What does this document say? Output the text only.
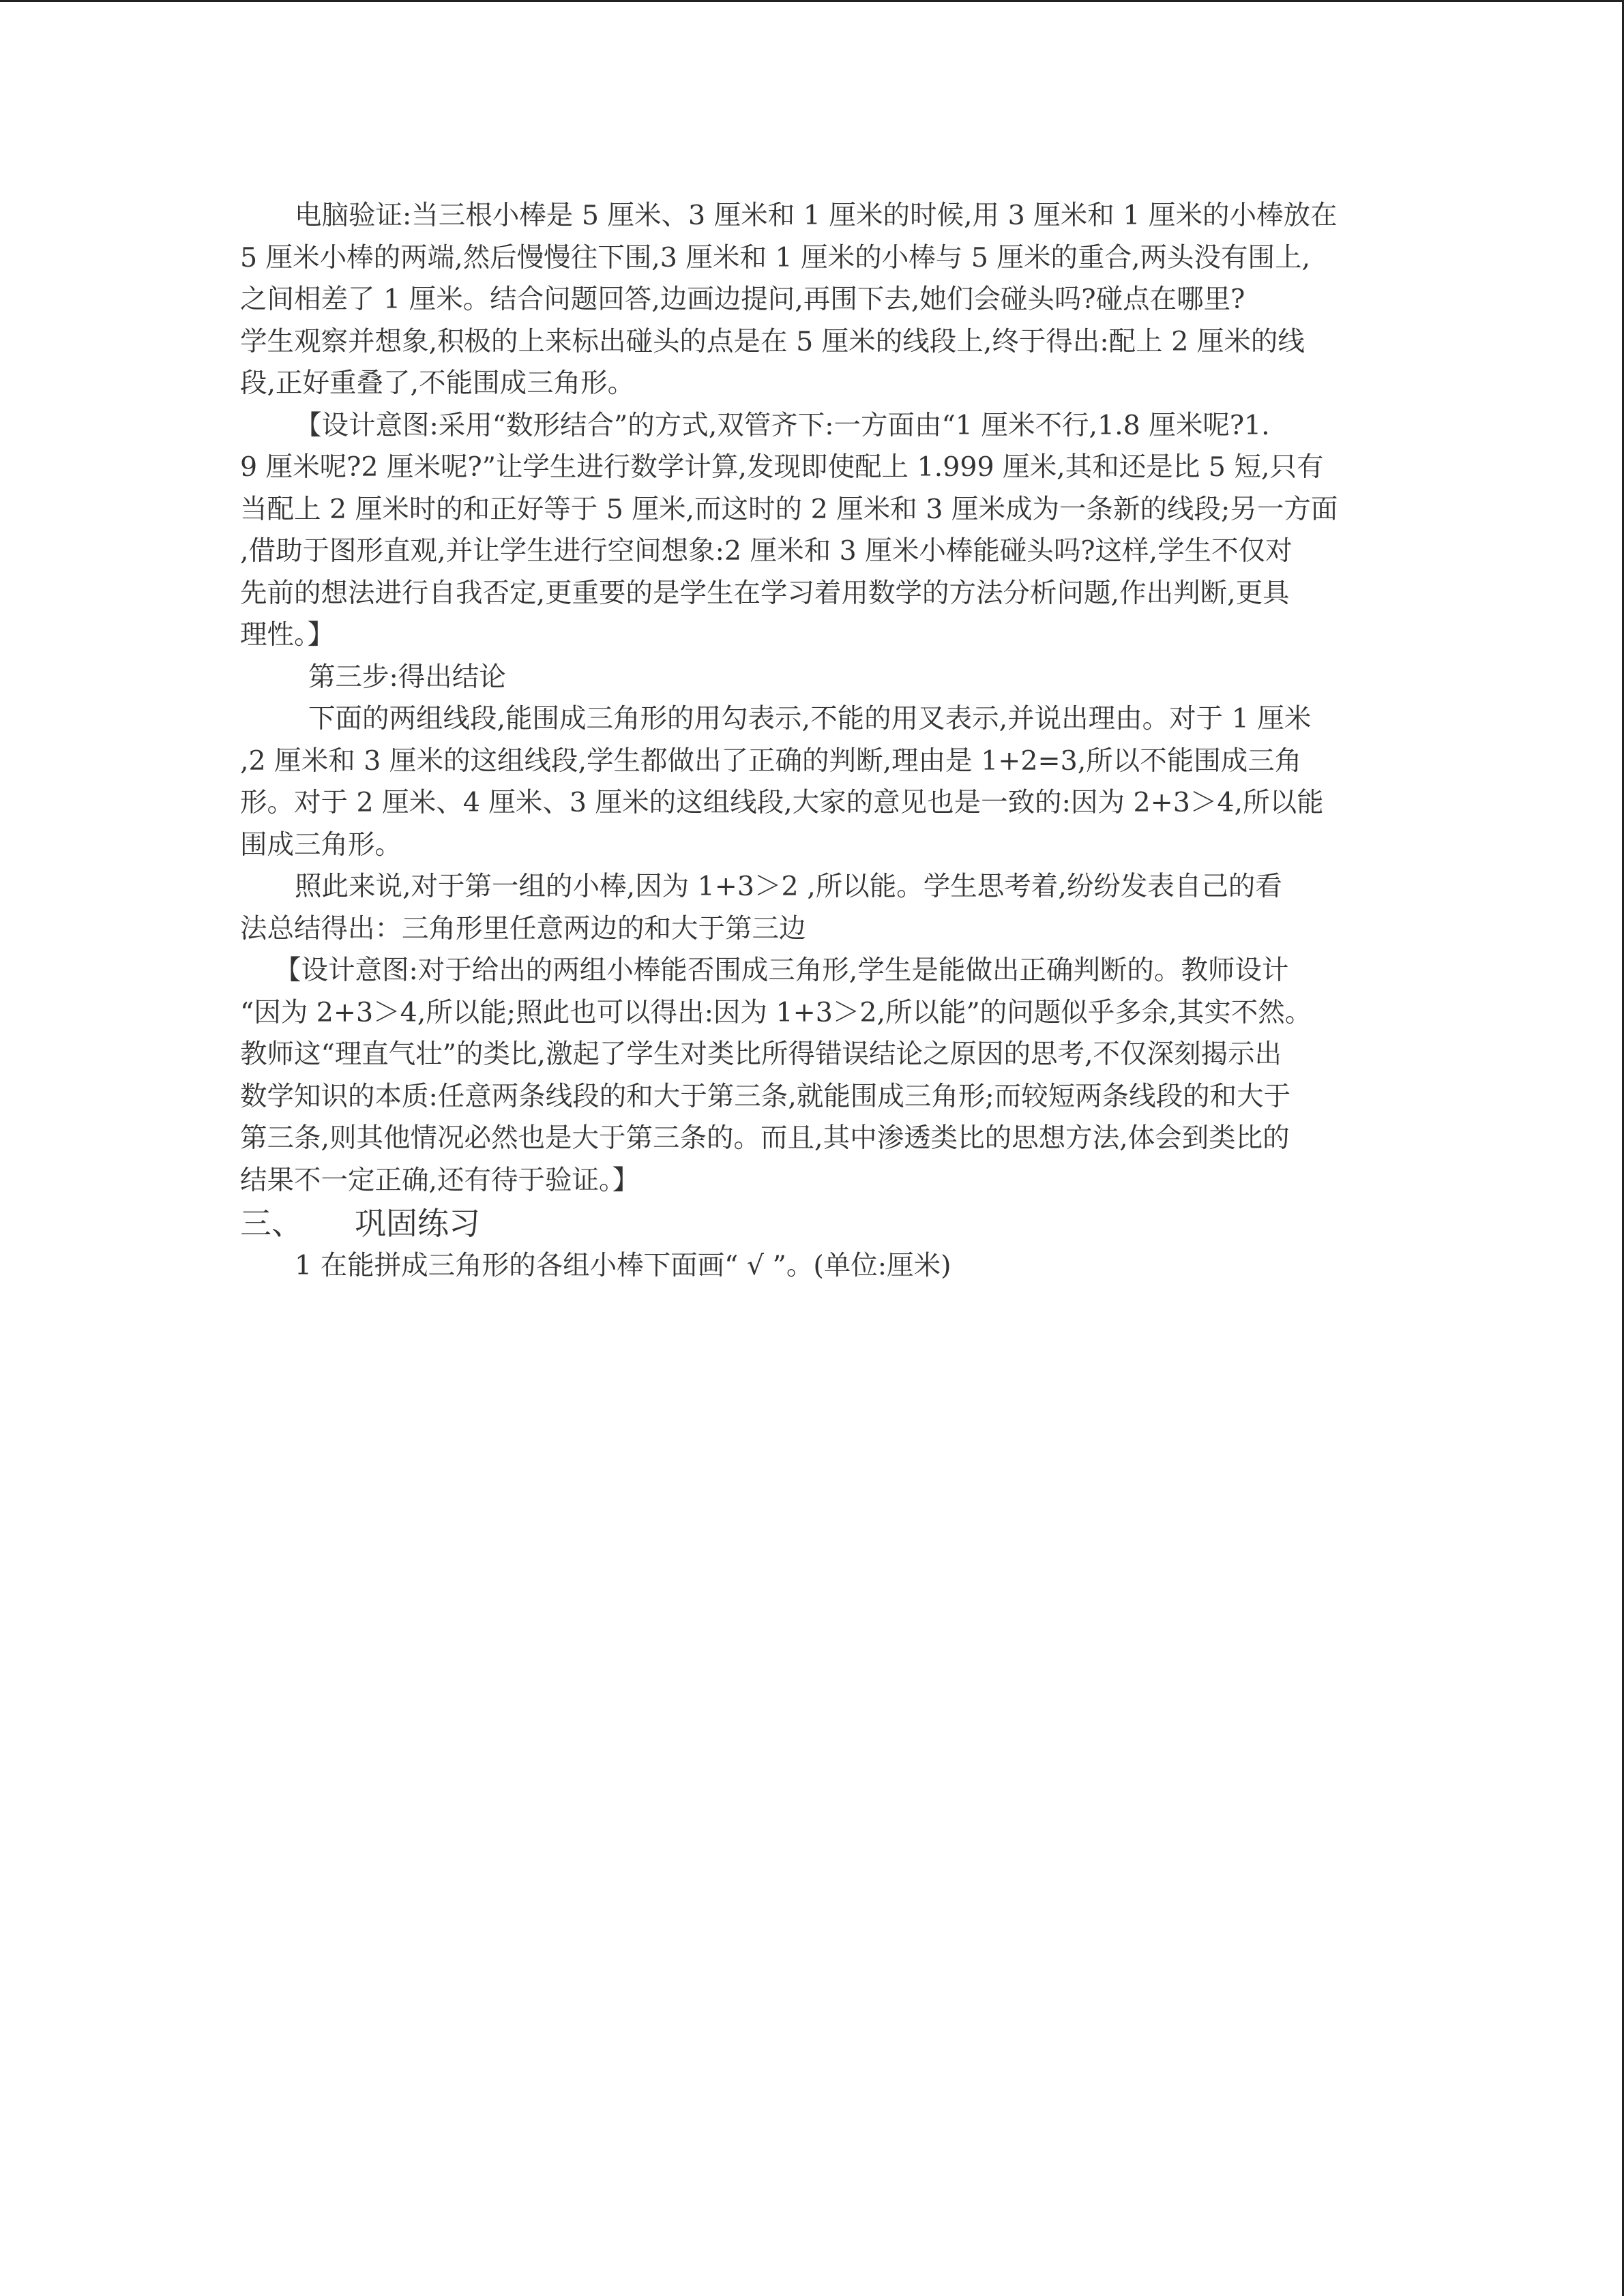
电脑验证:当三根小棒是 5 厘米、3 厘米和 1 厘米的时候,用 3 厘米和 1 厘米的小棒放在
5 厘米小棒的两端,然后慢慢往下围,3 厘米和 1 厘米的小棒与 5 厘米的重合,两头没有围上,
之间相差了 1 厘米。结合问题回答,边画边提问,再围下去,她们会碰头吗?碰点在哪里?
学生观察并想象,积极的上来标出碰头的点是在 5 厘米的线段上,终于得出:配上 2 厘米的线
段,正好重叠了,不能围成三角形。
【设计意图:采用“数形结合”的方式,双管齐下:一方面由“1 厘米不行,1.8 厘米呢?1.
9 厘米呢?2 厘米呢?”让学生进行数学计算,发现即使配上 1.999 厘米,其和还是比 5 短,只有
当配上 2 厘米时的和正好等于 5 厘米,而这时的 2 厘米和 3 厘米成为一条新的线段;另一方面
,借助于图形直观,并让学生进行空间想象:2 厘米和 3 厘米小棒能碰头吗?这样,学生不仅对
先前的想法进行自我否定,更重要的是学生在学习着用数学的方法分析问题,作出判断,更具
理性。】
第三步:得出结论
下面的两组线段,能围成三角形的用勾表示,不能的用叉表示,并说出理由。对于 1 厘米
,2 厘米和 3 厘米的这组线段,学生都做出了正确的判断,理由是 1+2=3,所以不能围成三角
形。对于 2 厘米、4 厘米、3 厘米的这组线段,大家的意见也是一致的:因为 2+3＞4,所以能
围成三角形。
照此来说,对于第一组的小棒,因为 1+3＞2 ,所以能。学生思考着,纷纷发表自己的看
法总结得出：三角形里任意两边的和大于第三边
【设计意图:对于给出的两组小棒能否围成三角形,学生是能做出正确判断的。教师设计
“因为 2+3＞4,所以能;照此也可以得出:因为 1+3＞2,所以能”的问题似乎多余,其实不然。
教师这“理直气壮”的类比,激起了学生对类比所得错误结论之原因的思考,不仅深刻揭示出
数学知识的本质:任意两条线段的和大于第三条,就能围成三角形;而较短两条线段的和大于
第三条,则其他情况必然也是大于第三条的。而且,其中渗透类比的思想方法,体会到类比的
结果不一定正确,还有待于验证。】
三、 巩固练习
1 在能拼成三角形的各组小棒下面画“ √ ”。(单位:厘米)
